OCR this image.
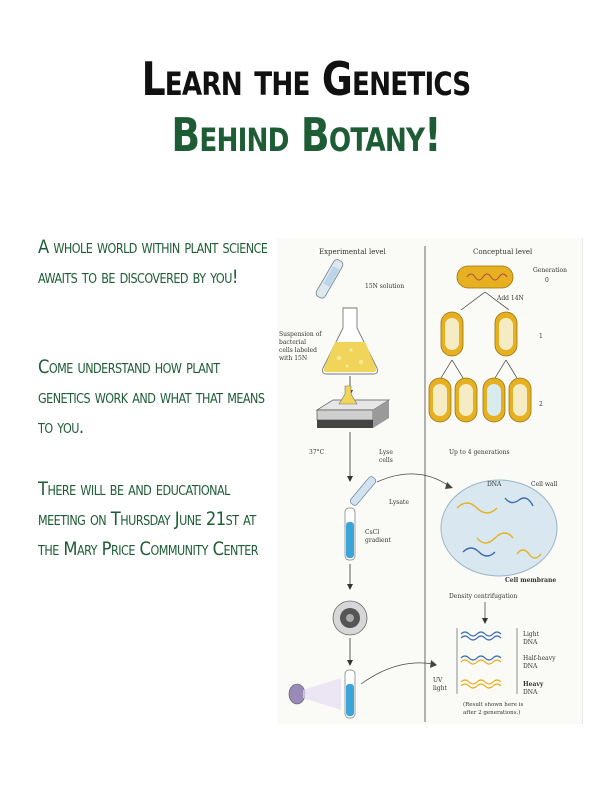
Learn the Genetics
Behind Botany!
A whole world within plant science awaits to be discovered by you!
Come understand how plant genetics work and what that means to you.
There will be and educational meeting on Thursday June 21st at the Mary Price Community Center
Experimental level	Conceptual level
15N solution
Suspension of
bacterial
cells labeled
with 15N
37°C	Lyse
cells
Lysate
CsCl
gradient
Generation
0
Add 14N
1
2
Up to 4 generations
DNA	Cell wall
Cell membrane
Density centrifugation
Light
DNA
Half-heavy
DNA
Heavy
DNA
UV
light
(Result shown here is
after 2 generations.)
